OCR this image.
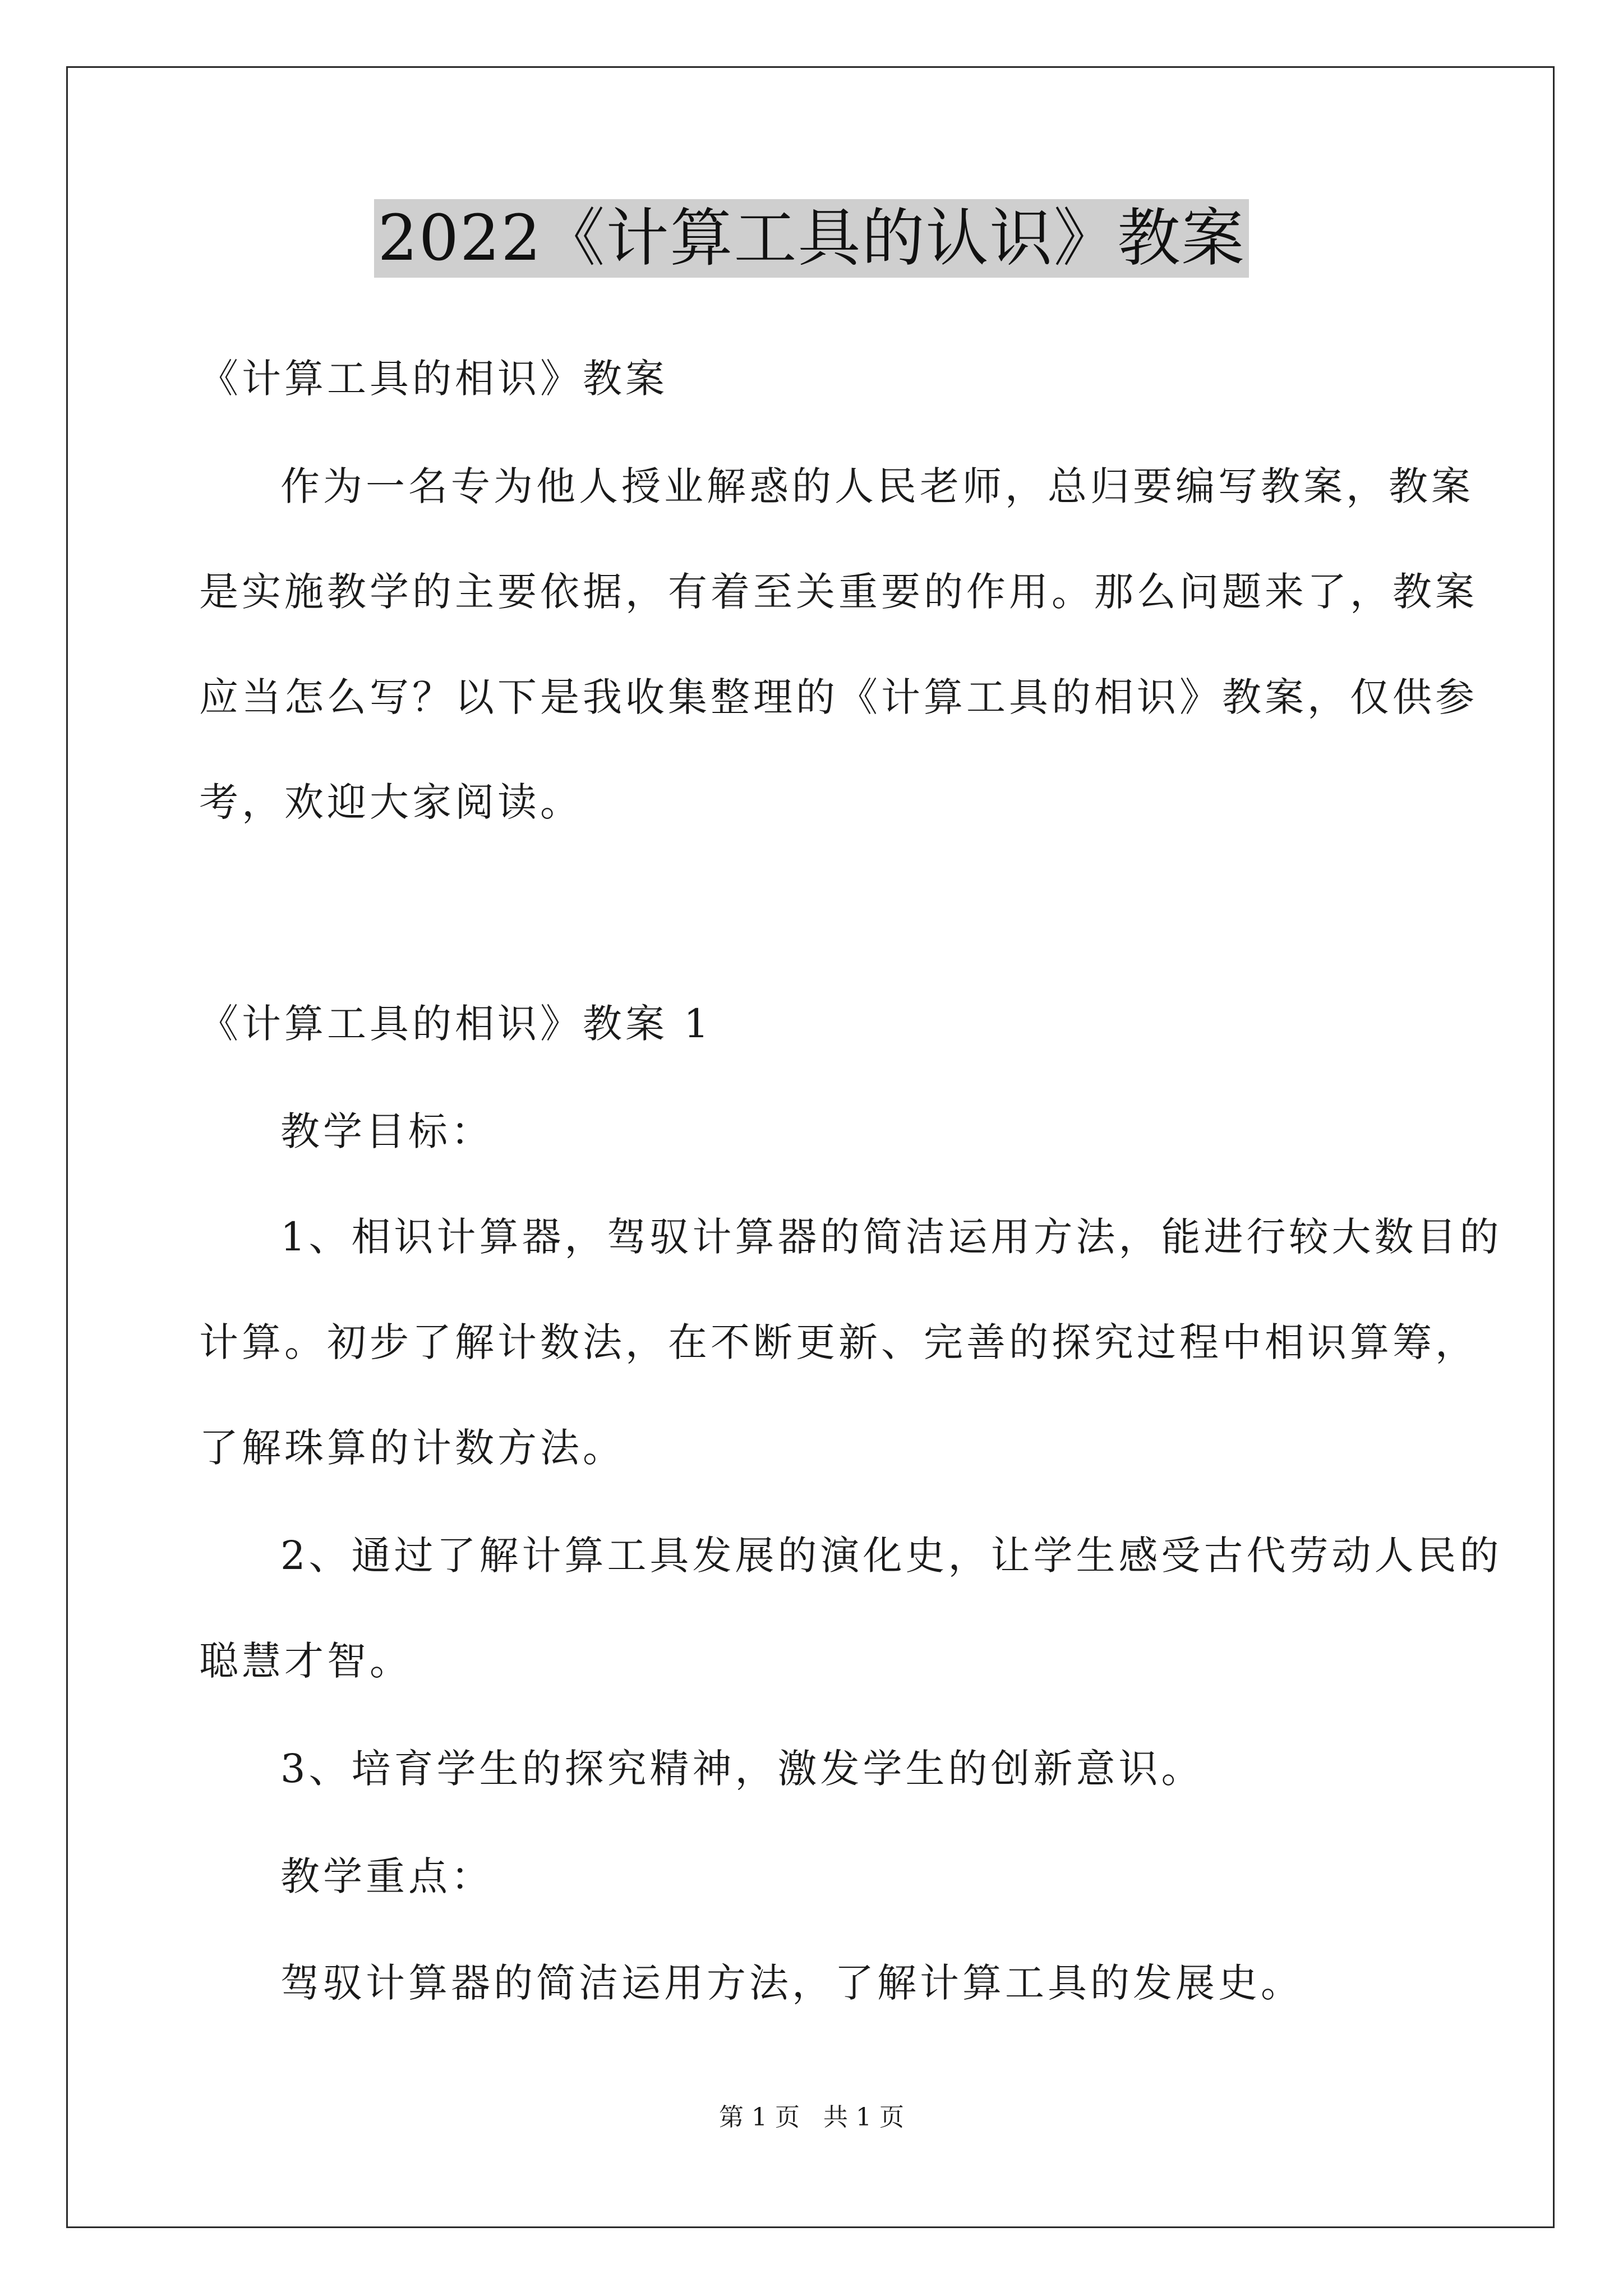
2022《计算工具的认识》教案
《计算工具的相识》教案
作为一名专为他人授业解惑的人民老师，总归要编写教案，教案
是实施教学的主要依据，有着至关重要的作用。那么问题来了，教案
应当怎么写？以下是我收集整理的《计算工具的相识》教案，仅供参
考，欢迎大家阅读。
《计算工具的相识》教案 1
教学目标：
1、相识计算器，驾驭计算器的简洁运用方法，能进行较大数目的
计算。初步了解计数法，在不断更新、完善的探究过程中相识算筹，
了解珠算的计数方法。
2、通过了解计算工具发展的演化史，让学生感受古代劳动人民的
聪慧才智。
3、培育学生的探究精神，激发学生的创新意识。
教学重点：
驾驭计算器的简洁运用方法，了解计算工具的发展史。
第 1 页   共 1 页
